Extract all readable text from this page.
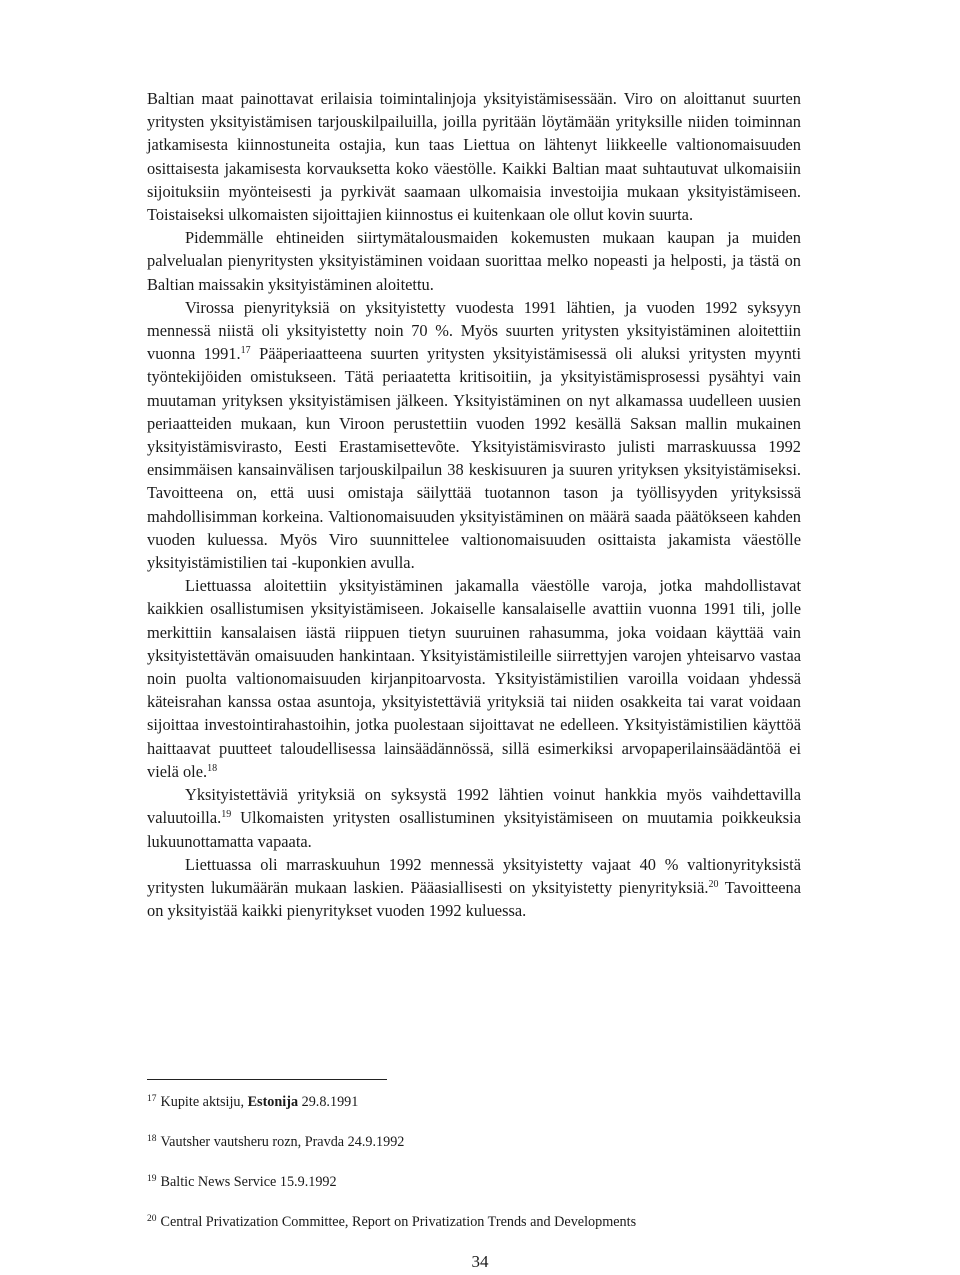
Baltian maat painottavat erilaisia toimintalinjoja yksityistämisessään. Viro on aloittanut suurten yritysten yksityistämisen tarjouskilpailuilla, joilla pyritään löytämään yrityksille niiden toiminnan jatkamisesta kiinnostuneita ostajia, kun taas Liettua on lähtenyt liikkeelle valtionomaisuuden osittaisesta jakamisesta korvauksetta koko väestölle. Kaikki Baltian maat suhtautuvat ulkomaisiin sijoituksiin myönteisesti ja pyrkivät saamaan ulkomaisia investoijia mukaan yksityistämiseen. Toistaiseksi ulkomaisten sijoittajien kiinnostus ei kuitenkaan ole ollut kovin suurta.

Pidemmälle ehtineiden siirtymätalousmaiden kokemusten mukaan kaupan ja muiden palvelualan pienyritysten yksityistäminen voidaan suorittaa melko nopeasti ja helposti, ja tästä on Baltian maissakin yksityistäminen aloitettu.

Virossa pienyrityksiä on yksityistetty vuodesta 1991 lähtien, ja vuoden 1992 syksyyn mennessä niistä oli yksityistetty noin 70 %. Myös suurten yritysten yksityistäminen aloitettiin vuonna 1991.17 Pääperiaatteena suurten yritysten yksityistämisessä oli aluksi yritysten myynti työntekijöiden omistukseen. Tätä periaatetta kritisoitiin, ja yksityistämisprosessi pysähtyi vain muutaman yrityksen yksityistämisen jälkeen. Yksityistäminen on nyt alkamassa uudelleen uusien periaatteiden mukaan, kun Viroon perustettiin vuoden 1992 kesällä Saksan mallin mukainen yksityistämisvirasto, Eesti Erastamisettevõte. Yksityistämisvirasto julisti marraskuussa 1992 ensimmäisen kansainvälisen tarjouskilpailun 38 keskisuuren ja suuren yrityksen yksityistämiseksi. Tavoitteena on, että uusi omistaja säilyttää tuotannon tason ja työllisyyden yrityksissä mahdollisimman korkeina. Valtionomaisuuden yksityistäminen on määrä saada päätökseen kahden vuoden kuluessa. Myös Viro suunnittelee valtionomaisuuden osittaista jakamista väestölle yksityistämistilien tai -kuponkien avulla.

Liettuassa aloitettiin yksityistäminen jakamalla väestölle varoja, jotka mahdollistavat kaikkien osallistumisen yksityistämiseen. Jokaiselle kansalaiselle avattiin vuonna 1991 tili, jolle merkittiin kansalaisen iästä riippuen tietyn suuruinen rahasumma, joka voidaan käyttää vain yksityistettävän omaisuuden hankintaan. Yksityistämistileille siirrettyjen varojen yhteisarvo vastaa noin puolta valtionomaisuuden kirjanpitoarvosta. Yksityistämistilien varoilla voidaan yhdessä käteisrahan kanssa ostaa asuntoja, yksityistettäviä yrityksiä tai niiden osakkeita tai varat voidaan sijoittaa investointirahastoihin, jotka puolestaan sijoittavat ne edelleen. Yksityistämistilien käyttöä haittaavat puutteet taloudellisessa lainsäädännössä, sillä esimerkiksi arvopaperilainsäädäntöä ei vielä ole.$^{18}$

Yksityistettäviä yrityksiä on syksystä 1992 lähtien voinut hankkia myös vaihdettavilla valuutoilla.$^{19}$ Ulkomaisten yritysten osallistuminen yksityistämiseen on muutamia poikkeuksia lukuunottamatta vapaata.

Liettuassa oli marraskuuhun 1992 mennessä yksityistetty vajaat 40 % valtionyrityksistä yritysten lukumäärän mukaan laskien. Pääasiallisesti on yksityistetty pienyrityksiä.$^{20}$ Tavoitteena on yksityistää kaikki pienyritykset vuoden 1992 kuluessa.

$^{17}$ Kupite aktsiju, Estonija 29.8.1991

$^{18}$ Vautsher vautsheru rozn, Pravda 24.9.1992

$^{19}$ Baltic News Service 15.9.1992

$^{20}$ Central Privatization Committee, Report on Privatization Trends and Developments

34
